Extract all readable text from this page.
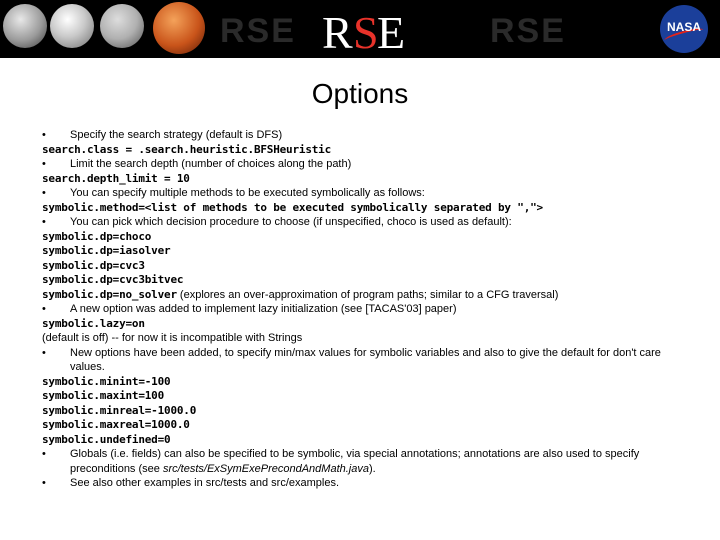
RSE	RSE
R S
E	NASA
Options
•	Specify the search strategy (default is DFS)
search.class = .search.heuristic.BFSHeuristic
•	Limit the search depth (number of choices along the path)
search.depth_limit = 10
•	You can specify multiple methods to be executed symbolically as follows:
symbolic.method=<list of methods to be executed symbolically separated by ",">
•	You can pick which decision procedure to choose (if unspecified, choco is used as default):
symbolic.dp=choco
symbolic.dp=iasolver
symbolic.dp=cvc3
symbolic.dp=cvc3bitvec
symbolic.dp=no_solver (explores an over-approximation of program paths; similar to a CFG traversal)
•	A new option was added to implement lazy initialization (see [TACAS'03] paper)
symbolic.lazy=on
(default is off) -- for now it is incompatible with Strings
•	New options have been added, to specify min/max values for symbolic variables and also to give the default for don't care values.
symbolic.minint=-100
symbolic.maxint=100
symbolic.minreal=-1000.0
symbolic.maxreal=1000.0
symbolic.undefined=0
•	Globals (i.e. fields) can also be specified to be symbolic, via special annotations; annotations are also used to specify preconditions (see src/tests/ExSymExePrecondAndMath.java).
•	See also other examples in src/tests and src/examples.
